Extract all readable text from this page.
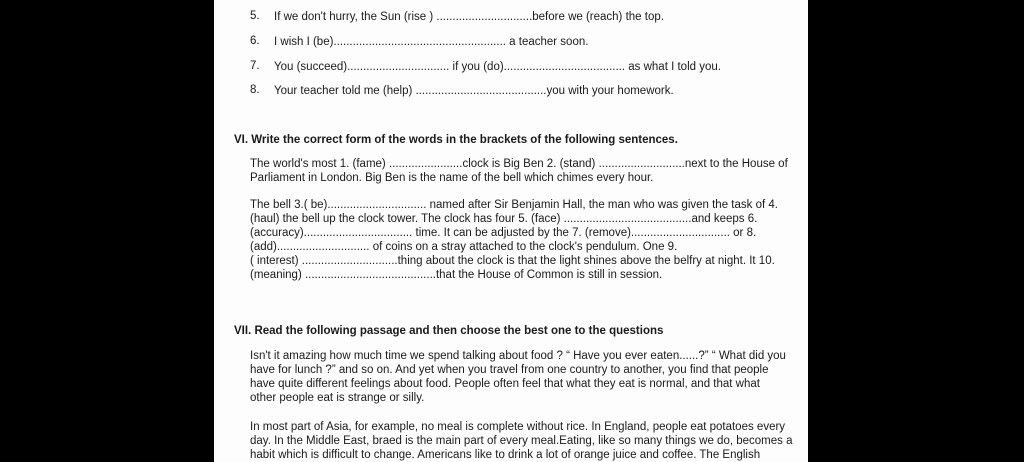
5. If we don't hurry, the Sun (rise ) ..............................before we (reach) the top.
6. I wish I (be)...................................................... a teacher soon.
7. You (succeed)................................ if you (do)...................................... as what I told you.
8. Your teacher told me (help) .........................................you with your homework.
VI. Write the correct form of the words in the brackets of the following sentences.
The world's most 1. (fame) .......................clock is Big Ben 2. (stand) ...........................next to the House of
Parliament in London. Big Ben is the name of the bell which chimes every hour.
The bell 3.( be)............................... named after Sir Benjamin Hall, the man who was given the task of 4.
(haul) the bell up the clock tower. The clock has four 5. (face) ........................................and keeps 6.
(accuracy).................................. time. It can be adjusted by the 7. (remove)............................... or 8.
(add)............................. of coins on a stray attached to the clock's pendulum. One 9.
( interest) ..............................thing about the clock is that the light shines above the belfry at night. It 10.
(meaning) .........................................that the House of Common is still in session.
VII. Read the following passage and then choose the best one to the questions
Isn't it amazing how much time we spend talking about food ? “ Have you ever eaten......?” “ What did you
have for lunch ?” and so on. And yet when you travel from one country to another, you find that people
have quite different feelings about food. People often feel that what they eat is normal, and that what
other people eat is strange or silly.
In most part of Asia, for example, no meal is complete without rice. In England, people eat potatoes every
day. In the Middle East, braed is the main part of every meal.Eating, like so many things we do, becomes a
habit which is difficult to change. Americans like to drink a lot of orange juice and coffee. The English
